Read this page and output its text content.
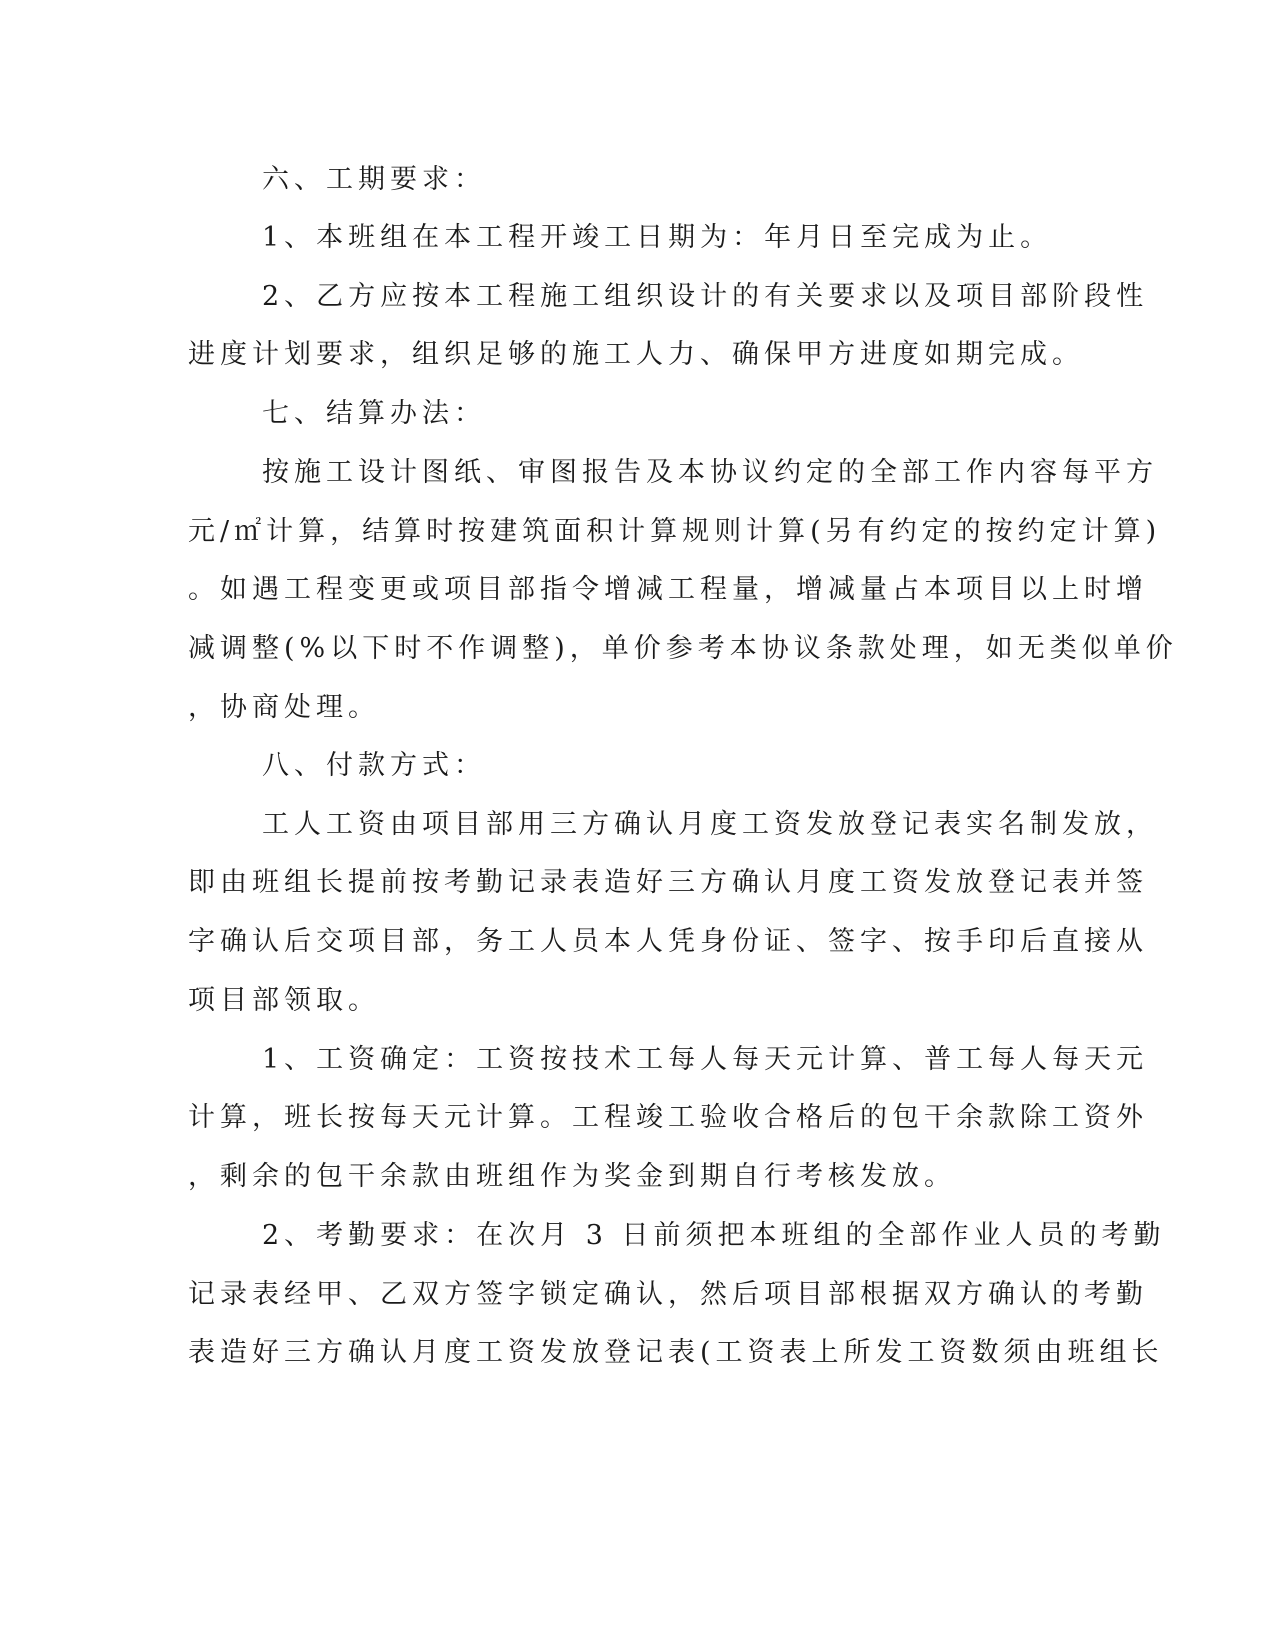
六、工期要求：
1、本班组在本工程开竣工日期为：年月日至完成为止。
2、乙方应按本工程施工组织设计的有关要求以及项目部阶段性
进度计划要求，组织足够的施工人力、确保甲方进度如期完成。
七、结算办法：
按施工设计图纸、审图报告及本协议约定的全部工作内容每平方
元/㎡计算，结算时按建筑面积计算规则计算(另有约定的按约定计算)
。如遇工程变更或项目部指令增减工程量，增减量占本项目以上时增
减调整(%以下时不作调整)，单价参考本协议条款处理，如无类似单价
，协商处理。
八、付款方式：
工人工资由项目部用三方确认月度工资发放登记表实名制发放，
即由班组长提前按考勤记录表造好三方确认月度工资发放登记表并签
字确认后交项目部，务工人员本人凭身份证、签字、按手印后直接从
项目部领取。
1、工资确定：工资按技术工每人每天元计算、普工每人每天元
计算，班长按每天元计算。工程竣工验收合格后的包干余款除工资外
，剩余的包干余款由班组作为奖金到期自行考核发放。
2、考勤要求：在次月 3 日前须把本班组的全部作业人员的考勤
记录表经甲、乙双方签字锁定确认，然后项目部根据双方确认的考勤
表造好三方确认月度工资发放登记表(工资表上所发工资数须由班组长
